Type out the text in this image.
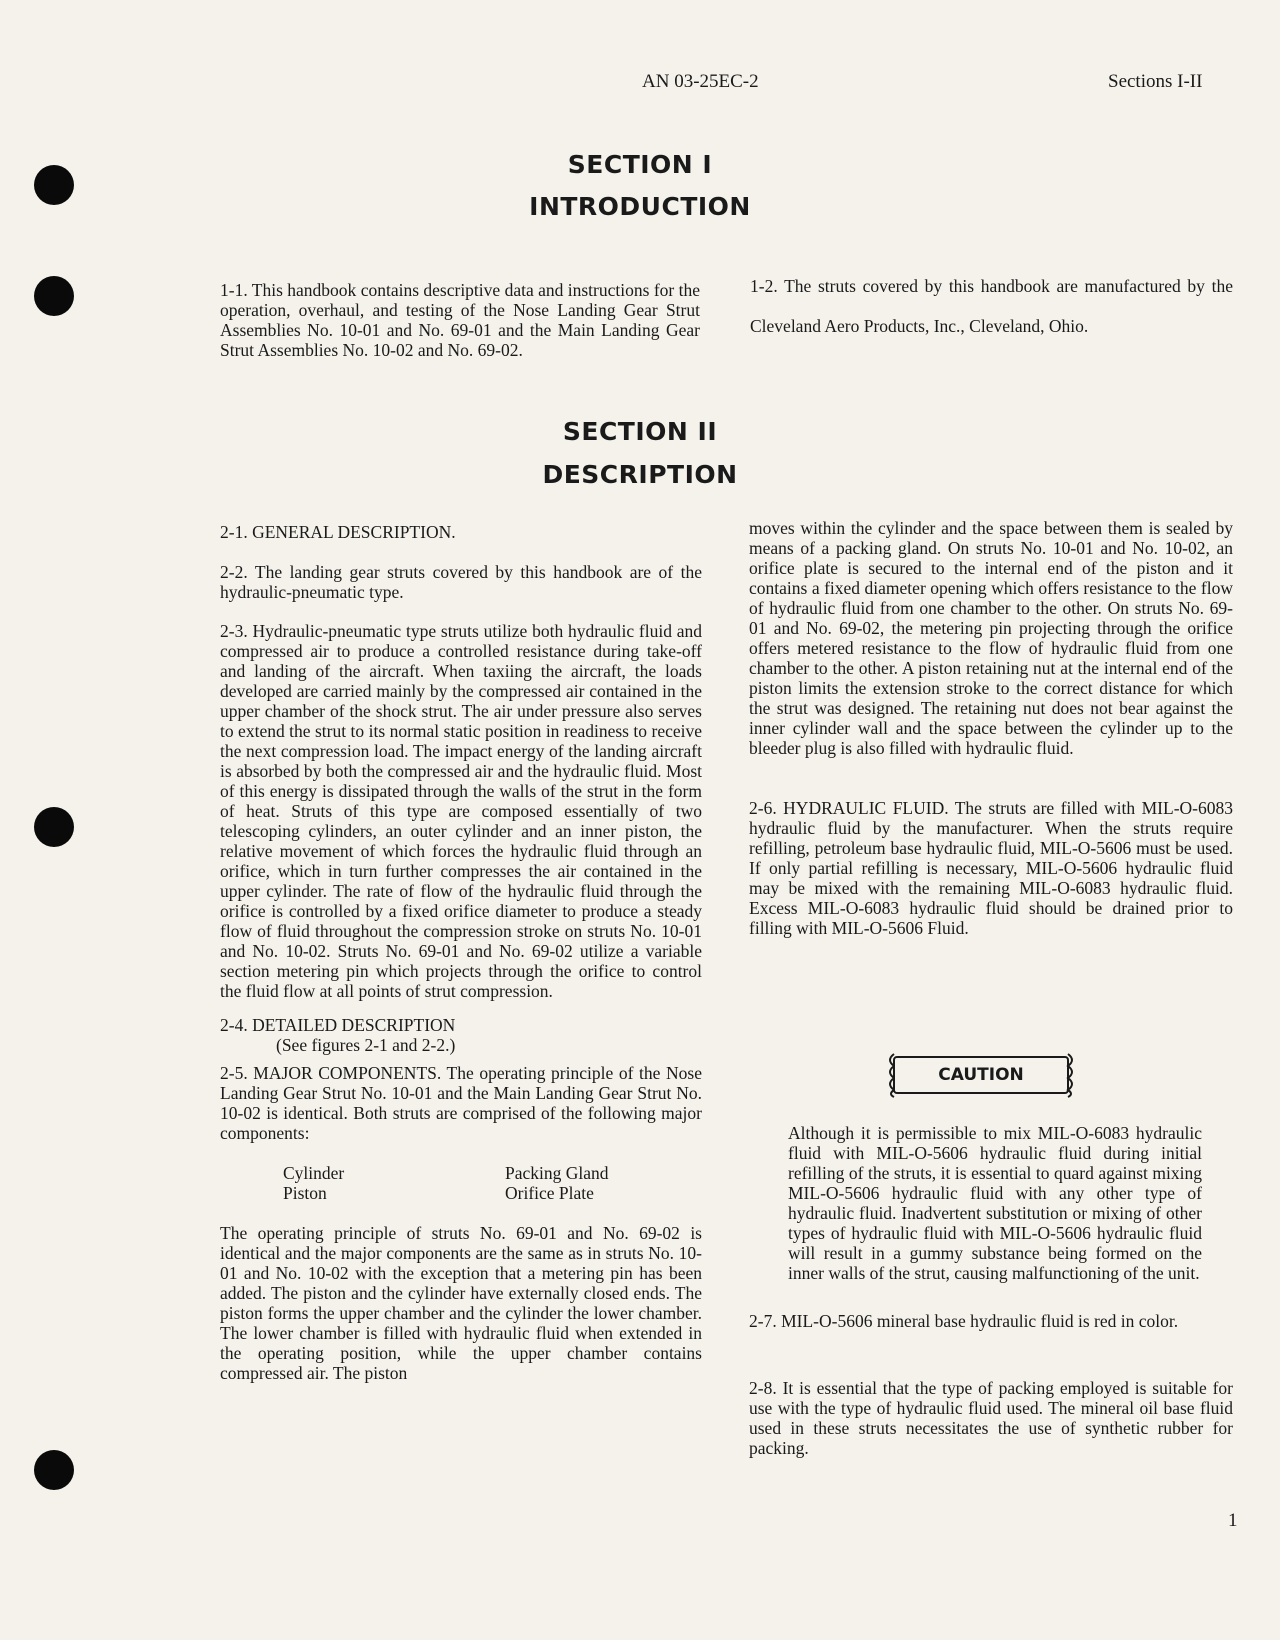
AN 03-25EC-2	Sections I-II
SECTION I
INTRODUCTION

1-1. This handbook contains descriptive data and instructions for the operation, overhaul, and testing of the Nose Landing Gear Strut Assemblies No. 10-01 and No. 69-01 and the Main Landing Gear Strut Assemblies No. 10-02 and No. 69-02.

1-2. The struts covered by this handbook are manufactured by the Cleveland Aero Products, Inc., Cleveland, Ohio.

SECTION II
DESCRIPTION

2-1. GENERAL DESCRIPTION.

2-2. The landing gear struts covered by this handbook are of the hydraulic-pneumatic type.

2-3. Hydraulic-pneumatic type struts utilize both hydraulic fluid and compressed air to produce a controlled resistance during take-off and landing of the aircraft. When taxiing the aircraft, the loads developed are carried mainly by the compressed air contained in the upper chamber of the shock strut. The air under pressure also serves to extend the strut to its normal static position in readiness to receive the next compression load. The impact energy of the landing aircraft is absorbed by both the compressed air and the hydraulic fluid. Most of this energy is dissipated through the walls of the strut in the form of heat. Struts of this type are composed essentially of two telescoping cylinders, an outer cylinder and an inner piston, the relative movement of which forces the hydraulic fluid through an orifice, which in turn further compresses the air contained in the upper cylinder. The rate of flow of the hydraulic fluid through the orifice is controlled by a fixed orifice diameter to produce a steady flow of fluid throughout the compression stroke on struts No. 10-01 and No. 10-02. Struts No. 69-01 and No. 69-02 utilize a variable section metering pin which projects through the orifice to control the fluid flow at all points of strut compression.

2-4. DETAILED DESCRIPTION

(See figures 2-1 and 2-2.)

2-5. MAJOR COMPONENTS. The operating principle of the Nose Landing Gear Strut No. 10-01 and the Main Landing Gear Strut No. 10-02 is identical. Both struts are comprised of the following major components:

Cylinder	Packing Gland
Piston	Orifice Plate

The operating principle of struts No. 69-01 and No. 69-02 is identical and the major components are the same as in struts No. 10-01 and No. 10-02 with the exception that a metering pin has been added. The piston and the cylinder have externally closed ends. The piston forms the upper chamber and the cylinder the lower chamber. The lower chamber is filled with hydraulic fluid when extended in the operating position, while the upper chamber contains compressed air. The piston

moves within the cylinder and the space between them is sealed by means of a packing gland. On struts No. 10-01 and No. 10-02, an orifice plate is secured to the internal end of the piston and it contains a fixed diameter opening which offers resistance to the flow of hydraulic fluid from one chamber to the other. On struts No. 69-01 and No. 69-02, the metering pin projecting through the orifice offers metered resistance to the flow of hydraulic fluid from one chamber to the other. A piston retaining nut at the internal end of the piston limits the extension stroke to the correct distance for which the strut was designed. The retaining nut does not bear against the inner cylinder wall and the space between the cylinder up to the bleeder plug is also filled with hydraulic fluid.

2-6. HYDRAULIC FLUID. The struts are filled with MIL-O-6083 hydraulic fluid by the manufacturer. When the struts require refilling, petroleum base hydraulic fluid, MIL-O-5606 must be used. If only partial refilling is necessary, MIL-O-5606 hydraulic fluid may be mixed with the remaining MIL-O-6083 hydraulic fluid. Excess MIL-O-6083 hydraulic fluid should be drained prior to filling with MIL-O-5606 Fluid.

CAUTION

Although it is permissible to mix MIL-O-6083 hydraulic fluid with MIL-O-5606 hydraulic fluid during initial refilling of the struts, it is essential to quard against mixing MIL-O-5606 hydraulic fluid with any other type of hydraulic fluid. Inadvertent substitution or mixing of other types of hydraulic fluid with MIL-O-5606 hydraulic fluid will result in a gummy substance being formed on the inner walls of the strut, causing malfunctioning of the unit.

2-7. MIL-O-5606 mineral base hydraulic fluid is red in color.

2-8. It is essential that the type of packing employed is suitable for use with the type of hydraulic fluid used. The mineral oil base fluid used in these struts necessitates the use of synthetic rubber for packing.

1
